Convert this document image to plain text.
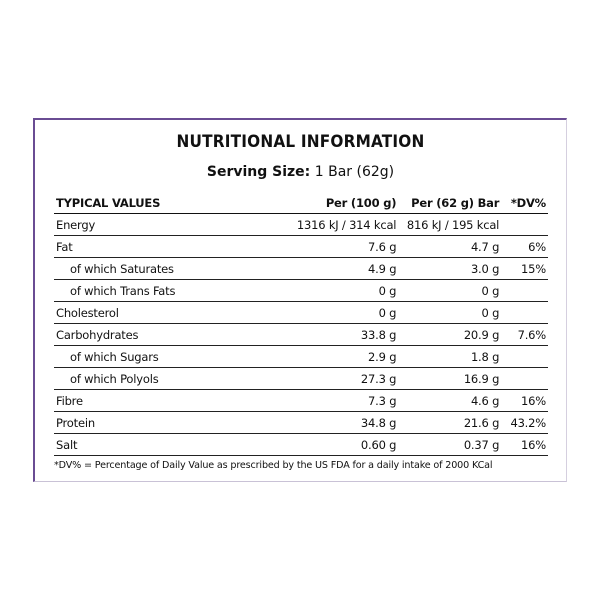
NUTRITIONAL INFORMATION
Serving Size: 1 Bar (62g)
TYPICAL VALUES	Per (100 g)	Per (62 g) Bar	*DV%
Energy	1316 kJ / 314 kcal	816 kJ / 195 kcal	
Fat	7.6 g	4.7 g	6%
of which Saturates	4.9 g	3.0 g	15%
of which Trans Fats	0 g	0 g	
Cholesterol	0 g	0 g	
Carbohydrates	33.8 g	20.9 g	7.6%
of which Sugars	2.9 g	1.8 g	
of which Polyols	27.3 g	16.9 g	
Fibre	7.3 g	4.6 g	16%
Protein	34.8 g	21.6 g	43.2%
Salt	0.60 g	0.37 g	16%
*DV% = Percentage of Daily Value as prescribed by the US FDA for a daily intake of 2000 KCal
